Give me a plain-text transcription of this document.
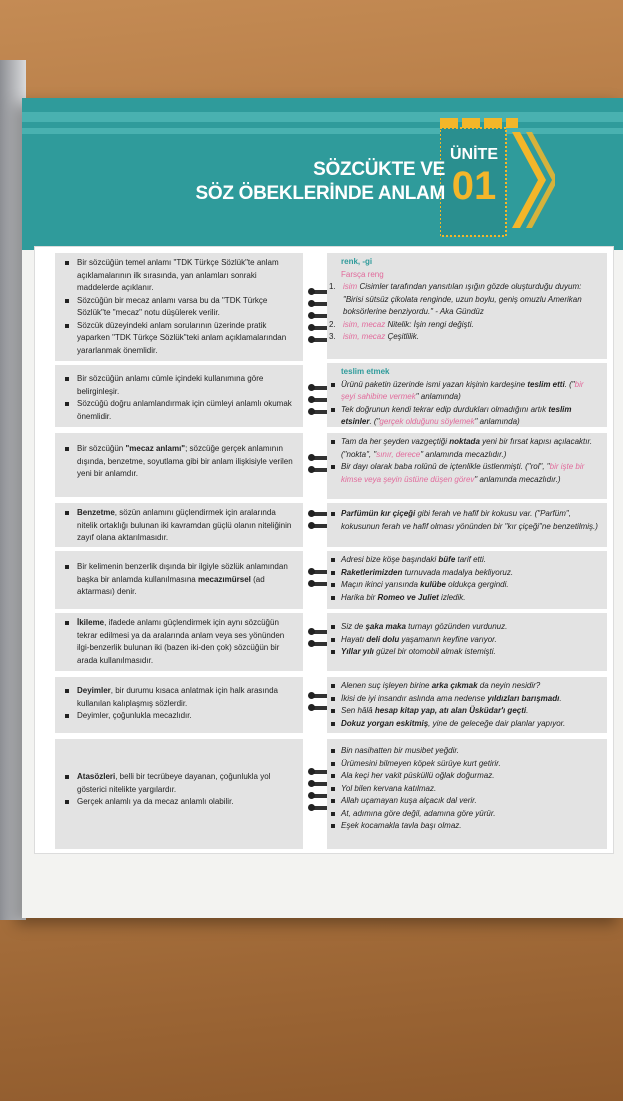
SÖZCÜKTE VE
SÖZ ÖBEKLERİNDE ANLAM
ÜNİTE
01
Bir sözcüğün temel anlamı "TDK Türkçe Sözlük"te anlam açıklamalarının ilk sırasında, yan anlamları sonraki maddelerde açıklanır.
Sözcüğün bir mecaz anlamı varsa bu da "TDK Türkçe Sözlük"te "mecaz" notu düşülerek verilir.
Sözcük düzeyindeki anlam sorularının üzerinde pratik yaparken "TDK Türkçe Sözlük"teki anlam açıklamalarından yararlanmak önemlidir.
Bir sözcüğün anlamı cümle içindeki kullanımına göre belirginleşir.
Sözcüğü doğru anlamlandırmak için cümleyi anlamlı okumak önemlidir.
Bir sözcüğün "mecaz anlamı"; sözcüğe gerçek anlamının dışında, benzetme, soyutlama gibi bir anlam ilişkisiyle verilen yeni bir anlamdır.
Benzetme, sözün anlamını güçlendirmek için aralarında nitelik ortaklığı bulunan iki kavramdan güçlü olanın niteliğinin zayıf olana aktarılmasıdır.
Bir kelimenin benzerlik dışında bir ilgiyle sözlük anlamından başka bir anlamda kullanılmasına mecazımürsel (ad aktarması) denir.
İkileme, ifadede anlamı güçlendirmek için aynı sözcüğün tekrar edilmesi ya da aralarında anlam veya ses yönünden ilgi-benzerlik bulunan iki (bazen iki-den çok) sözcüğün bir arada kullanılmasıdır.
Deyimler, bir durumu kısaca anlatmak için halk arasında kullanılan kalıplaşmış sözlerdir.
Deyimler, çoğunlukla mecazlıdır.
Atasözleri, belli bir tecrübeye dayanan, çoğunlukla yol gösterici nitelikte yargılardır.
Gerçek anlamlı ya da mecaz anlamlı olabilir.
renk, -gi
Farsça reng
1. isim Cisimler tarafından yansıtılan ışığın gözde oluşturduğu duyum: "Birisi sütsüz çikolata renginde, uzun boylu, geniş omuzlu Amerikan boksörlerine benziyordu." - Aka Gündüz
2. isim, mecaz Nitelik: İşin rengi değişti.
3. isim, mecaz Çeşitlilik.
teslim etmek
Ürünü paketin üzerinde ismi yazan kişinin kardeşine teslim etti. ("bir şeyi sahibine vermek" anlamında)
Tek doğrunun kendi tekrar edip durdukları olmadığını artık teslim etsinler. ("gerçek olduğunu söylemek" anlamında)
Tam da her şeyden vazgeçtiği noktada yeni bir fırsat kapısı açılacaktır. ("nokta", "sınır, derece" anlamında mecazlıdır.)
Bir dayı olarak baba rolünü de içtenlikle üstlenmişti. ("rol", "bir işte bir kimse veya şeyin üstüne düşen görev" anlamında mecazlıdır.)
Parfümün kır çiçeği gibi ferah ve hafif bir kokusu var. ("Parfüm", kokusunun ferah ve hafif olması yönünden bir "kır çiçeği"ne benzetilmiş.)
Adresi bize köşe başındaki büfe tarif etti.
Raketlerimizden turnuvada madalya bekliyoruz.
Maçın ikinci yarısında kulübe oldukça gergindi.
Harika bir Romeo ve Juliet izledik.
Siz de şaka maka turnayı gözünden vurdunuz.
Hayatı deli dolu yaşamanın keyfine varıyor.
Yıllar yılı güzel bir otomobil almak istemişti.
Alenen suç işleyen birine arka çıkmak da neyin nesidir?
İkisi de iyi insandır aslında ama nedense yıldızları barışmadı.
Sen hâlâ hesap kitap yap, atı alan Üsküdar'ı geçti.
Dokuz yorgan eskitmiş, yine de geleceğe dair planlar yapıyor.
Bin nasihatten bir musibet yeğdir.
Ürümesini bilmeyen köpek sürüye kurt getirir.
Ala keçi her vakit püsküllü oğlak doğurmaz.
Yol bilen kervana katılmaz.
Allah uçamayan kuşa alçacık dal verir.
At, adımına göre değil, adamına göre yürür.
Eşek kocamakla tavla başı olmaz.
